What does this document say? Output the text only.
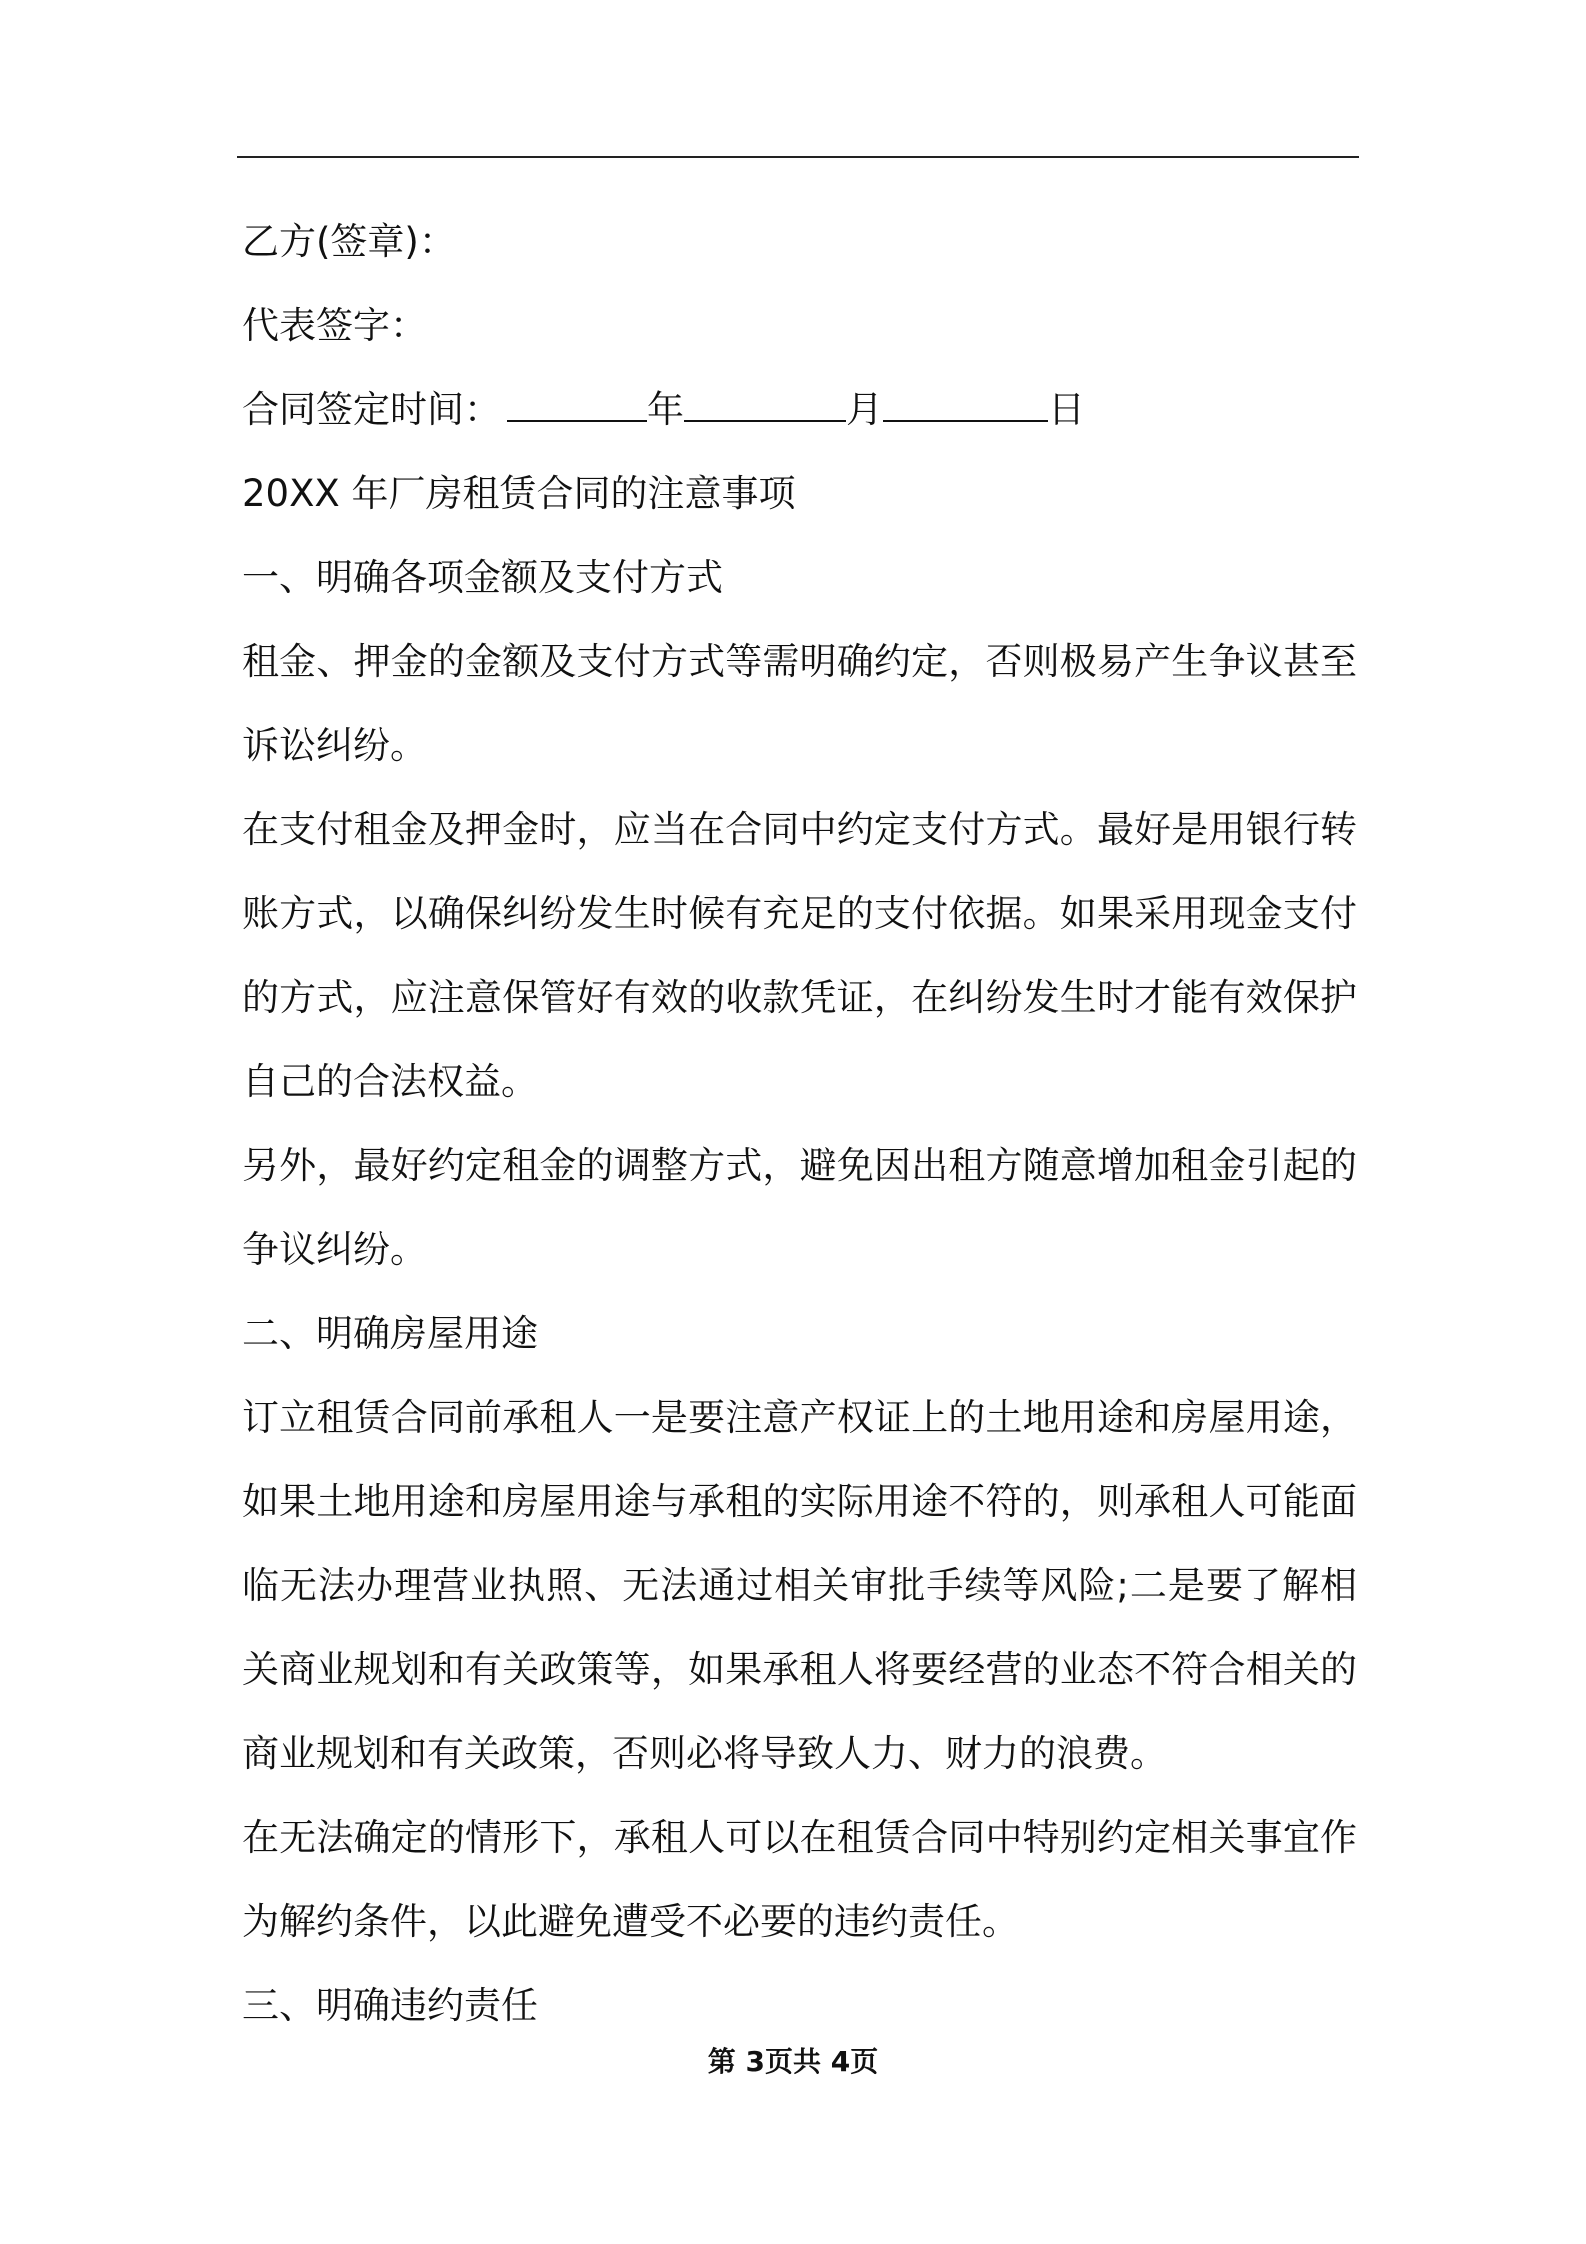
乙方(签章)：
代表签字：
合同签定时间：	年	月	日
20XX 年厂房租赁合同的注意事项
一、明确各项金额及支付方式
租金、押金的金额及支付方式等需明确约定，否则极易产生争议甚至诉讼纠纷。
在支付租金及押金时，应当在合同中约定支付方式。最好是用银行转账方式，以确保纠纷发生时候有充足的支付依据。如果采用现金支付的方式，应注意保管好有效的收款凭证，在纠纷发生时才能有效保护自己的合法权益。
另外，最好约定租金的调整方式，避免因出租方随意增加租金引起的争议纠纷。
二、明确房屋用途
订立租赁合同前承租人一是要注意产权证上的土地用途和房屋用途，如果土地用途和房屋用途与承租的实际用途不符的，则承租人可能面临无法办理营业执照、无法通过相关审批手续等风险;二是要了解相关商业规划和有关政策等，如果承租人将要经营的业态不符合相关的商业规划和有关政策，否则必将导致人力、财力的浪费。
在无法确定的情形下，承租人可以在租赁合同中特别约定相关事宜作为解约条件，以此避免遭受不必要的违约责任。
三、明确违约责任
第 3页共 4页
